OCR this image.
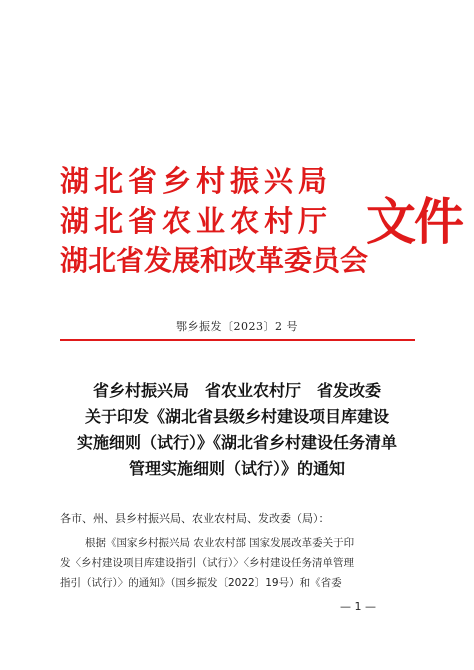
湖北省乡村振兴局
湖北省农业农村厅
湖北省发展和改革委员会
文件
鄂乡振发〔2023〕2 号
省乡村振兴局　省农业农村厅　省发改委
关于印发《湖北省县级乡村建设项目库建设
实施细则（试行）》《湖北省乡村建设任务清单
管理实施细则（试行）》的通知
各市、州、县乡村振兴局、农业农村局、发改委（局）：
根据《国家乡村振兴局 农业农村部 国家发展改革委关于印
发〈乡村建设项目库建设指引（试行）〉〈乡村建设任务清单管理
指引（试行）〉的通知》（国乡振发〔2022〕19号）和《省委
— 1 —
